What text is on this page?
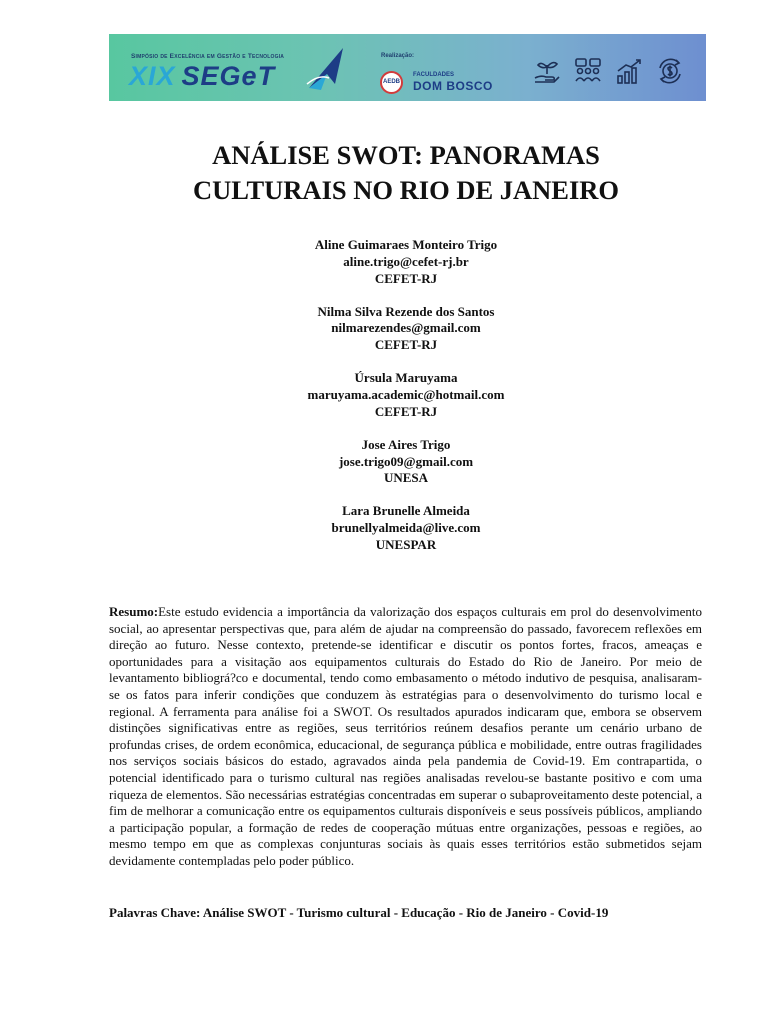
Simpósio de Excelência em Gestão e Tecnologia
XIX SEGeT
Realização:
AEDB
FACULDADES
DOM BOSCO
ANÁLISE SWOT: PANORAMAS
CULTURAIS NO RIO DE JANEIRO
Aline Guimaraes Monteiro Trigo
aline.trigo@cefet-rj.br
CEFET-RJ
Nilma Silva Rezende dos Santos
nilmarezendes@gmail.com
CEFET-RJ
Úrsula Maruyama
maruyama.academic@hotmail.com
CEFET-RJ
Jose Aires Trigo
jose.trigo09@gmail.com
UNESA
Lara Brunelle Almeida
brunellyalmeida@live.com
UNESPAR

Resumo:Este estudo evidencia a importância da valorização dos espaços culturais em prol do desenvolvimento social, ao apresentar perspectivas que, para além de ajudar na compreensão do passado, favorecem reflexões em direção ao futuro. Nesse contexto, pretende-se identificar e discutir os pontos fortes, fracos, ameaças e oportunidades para a visitação aos equipamentos culturais do Estado do Rio de Janeiro. Por meio de levantamento bibliográ?co e documental, tendo como embasamento o método indutivo de pesquisa, analisaram-se os fatos para inferir condições que conduzem às estratégias para o desenvolvimento do turismo local e regional. A ferramenta para análise foi a SWOT. Os resultados apurados indicaram que, embora se observem distinções significativas entre as regiões, seus territórios reúnem desafios perante um cenário urbano de profundas crises, de ordem econômica, educacional, de segurança pública e mobilidade, entre outras fragilidades nos serviços sociais básicos do estado, agravados ainda pela pandemia de Covid-19. Em contrapartida, o potencial identificado para o turismo cultural nas regiões analisadas revelou-se bastante positivo e com uma riqueza de elementos. São necessárias estratégias concentradas em superar o subaproveitamento deste potencial, a fim de melhorar a comunicação entre os equipamentos culturais disponíveis e seus possíveis públicos, ampliando a participação popular, a formação de redes de cooperação mútuas entre organizações, pessoas e regiões, ao mesmo tempo em que as complexas conjunturas sociais às quais esses territórios estão submetidos sejam devidamente contempladas pelo poder público.

Palavras Chave: Análise SWOT - Turismo cultural - Educação - Rio de Janeiro - Covid-19
